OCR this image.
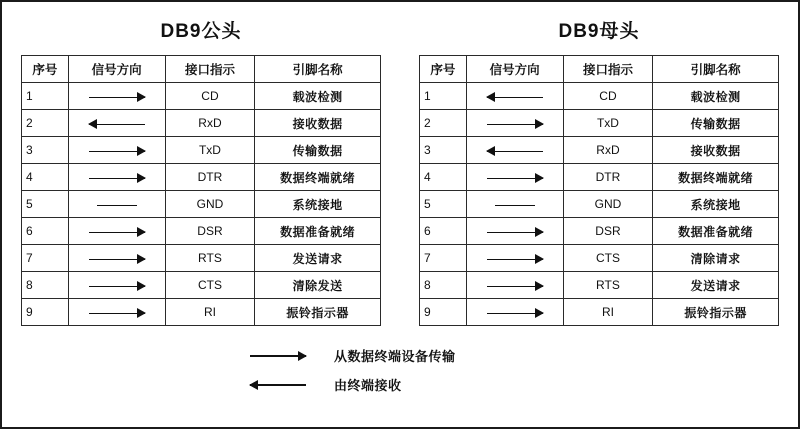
DB9公头
序号	信号方向	接口指示	引脚名称
1		CD	载波检测
2		RxD	接收数据
3		TxD	传输数据
4		DTR	数据终端就绪
5		GND	系统接地
6		DSR	数据准备就绪
7		RTS	发送请求
8		CTS	清除发送
9		RI	振铃指示器
DB9母头
序号	信号方向	接口指示	引脚名称
1		CD	载波检测
2		TxD	传输数据
3		RxD	接收数据
4		DTR	数据终端就绪
5		GND	系统接地
6		DSR	数据准备就绪
7		CTS	清除请求
8		RTS	发送请求
9		RI	振铃指示器
从数据终端设备传输
由终端接收
